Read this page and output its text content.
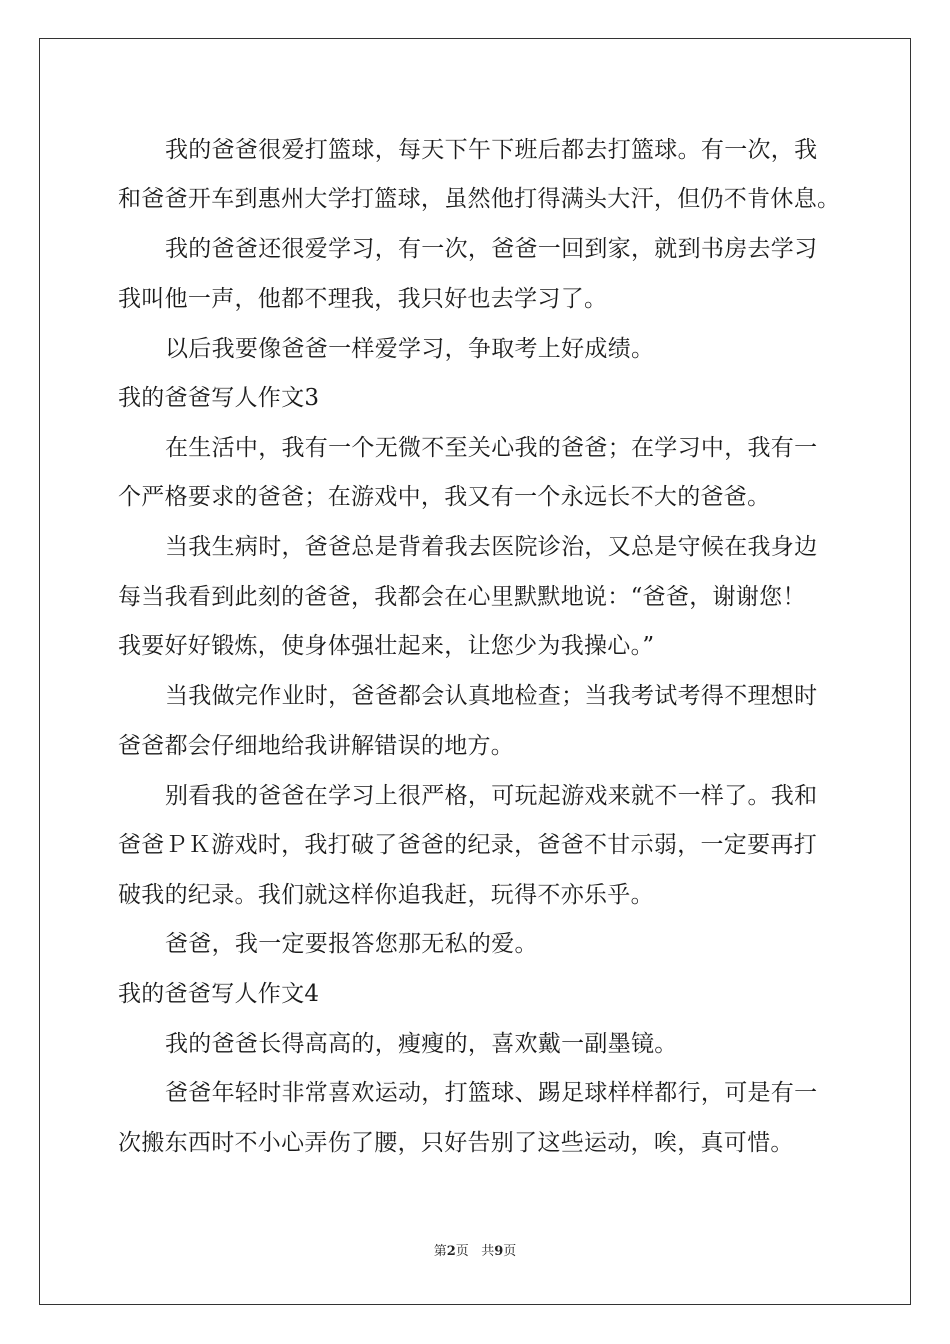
我的爸爸很爱打篮球，每天下午下班后都去打篮球。有一次，我
和爸爸开车到惠州大学打篮球，虽然他打得满头大汗，但仍不肯休息。
我的爸爸还很爱学习，有一次，爸爸一回到家，就到书房去学习
我叫他一声，他都不理我，我只好也去学习了。
以后我要像爸爸一样爱学习，争取考上好成绩。
我的爸爸写人作文3
在生活中，我有一个无微不至关心我的爸爸；在学习中，我有一
个严格要求的爸爸；在游戏中，我又有一个永远长不大的爸爸。
当我生病时，爸爸总是背着我去医院诊治，又总是守候在我身边
每当我看到此刻的爸爸，我都会在心里默默地说：“爸爸，谢谢您！
我要好好锻炼，使身体强壮起来，让您少为我操心。”
当我做完作业时，爸爸都会认真地检查；当我考试考得不理想时
爸爸都会仔细地给我讲解错误的地方。
别看我的爸爸在学习上很严格，可玩起游戏来就不一样了。我和
爸爸ＰＫ游戏时，我打破了爸爸的纪录，爸爸不甘示弱，一定要再打
破我的纪录。我们就这样你追我赶，玩得不亦乐乎。
爸爸，我一定要报答您那无私的爱。
我的爸爸写人作文4
我的爸爸长得高高的，瘦瘦的，喜欢戴一副墨镜。
爸爸年轻时非常喜欢运动，打篮球、踢足球样样都行，可是有一
次搬东西时不小心弄伤了腰，只好告别了这些运动，唉，真可惜。
第2页 共9页
